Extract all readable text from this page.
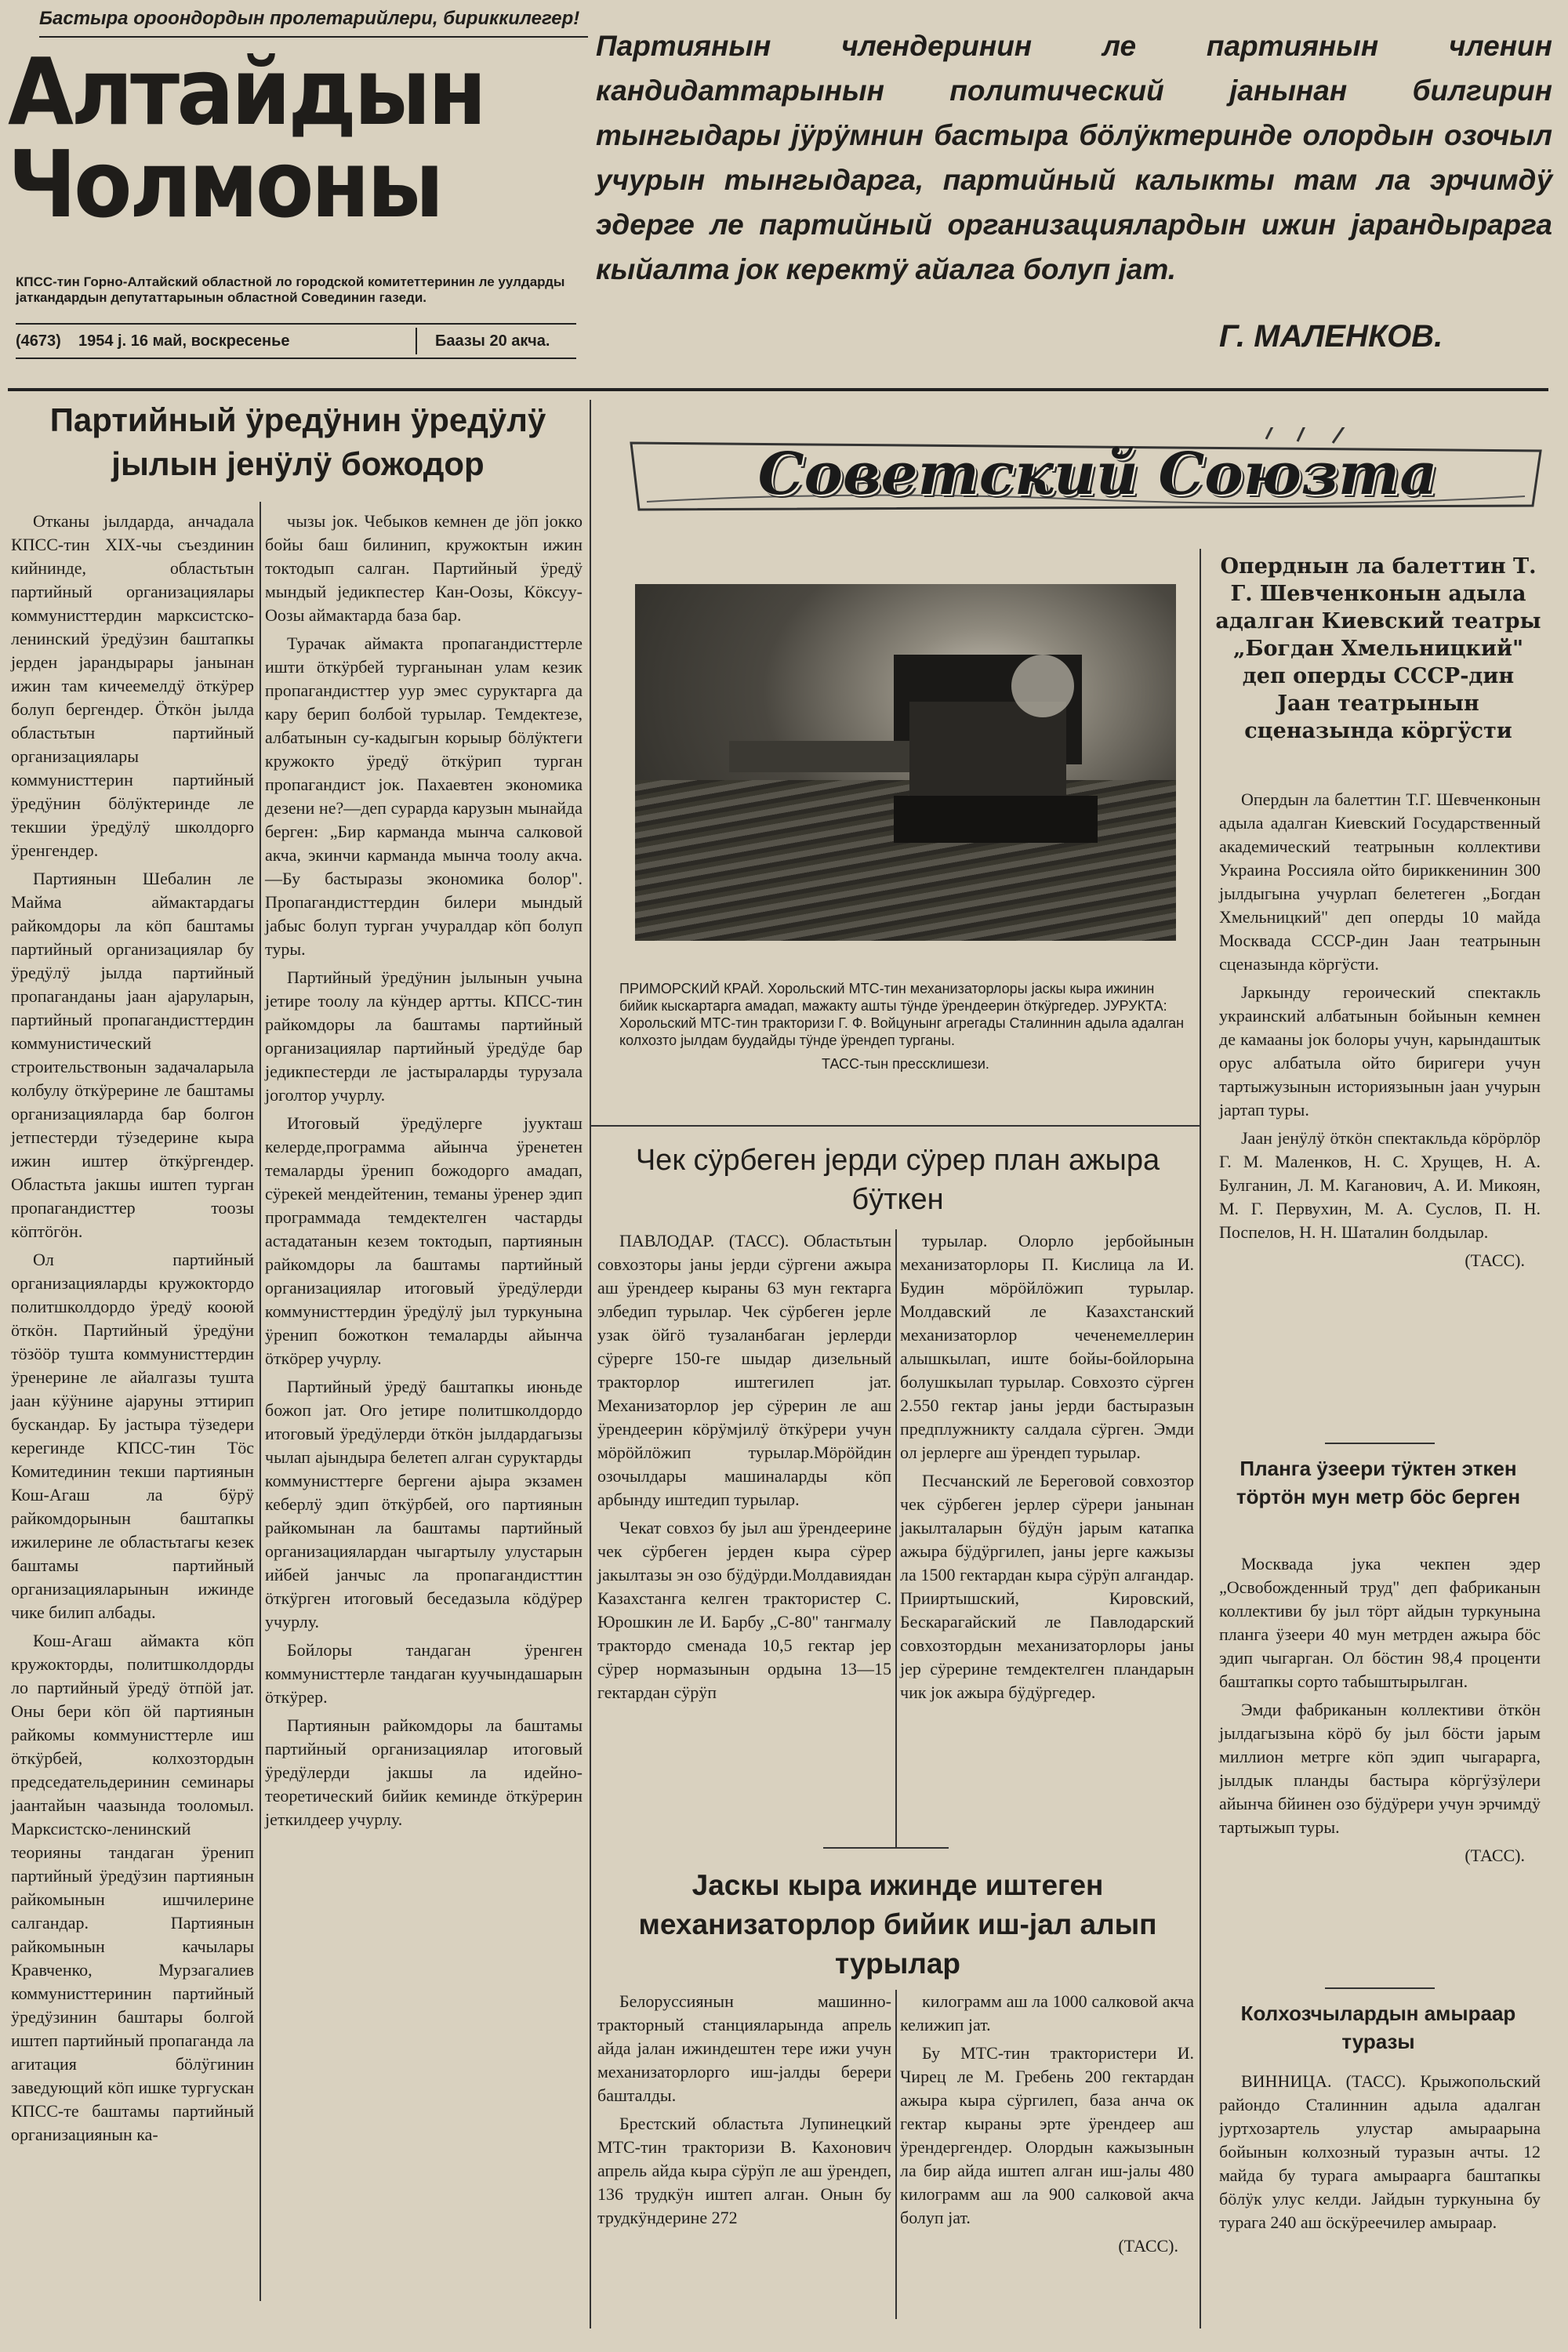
Бастыра ороондордын пролетарийлери, бириккилегер!
Алтайдын
Чолмоны
КПСС-тин Горно-Алтайский областной ло городской комитеттеринин ле уулдарды jаткандардын депутаттарынын областной Совединин газеди.
(4673) 1954 j. 16 май, воскресенье	Баазы 20 акча.
Партиянын члендеринин ле партиянын членин кандидаттарынын политический jанынан билгирин тынгыдары jÿрÿмнин бастыра бöлÿктеринде олордын озочыл учурын тынгыдарга, партийный калыкты там ла эрчимдÿ эдерге ле партийный организациялардын ижин jарандырарга кыйалта jок керектÿ айалга болуп jат.
Г. МАЛЕНКОВ.
Партийный ÿредÿнин ÿредÿлÿ jылын jенÿлÿ божодор

Отканы jылдарда, анчадала КПСС-тин XIX-чы съездинин кийнинде, областьтын партийный организациялары коммунисттердин марксистско-ленинский ÿредÿзин баштапкы jерден jарандырары jанынан ижин там кичеемелдÿ öткÿрер болуп бергендер. Öткöн jылда областьтын партийный организациялары коммунисттерин партийный ÿредÿнин бöлÿктеринде ле текшии ÿредÿлÿ школдорго ÿренгендер.

Партиянын Шебалин ле Майма аймактардагы райкомдоры ла кöп баштамы партийный организациялар бу ÿредÿлÿ jылда партийный пропаганданы jаан ajаруларын, партийный пропагандисттердин коммунистический строительствонын задачаларыла колбулу öткÿрерине ле баштамы организацияларда бар болгон jетпестерди тÿзедерине кыра ижин иштер öткÿргендер. Областьта jакшы иштеп турган пропагандисттер тоозы кöптöгöн.

Ол партийный организацияларды кружоктордо политшколдордо ÿредÿ кооюй öткöн. Партийный ÿредÿни тöзööр тушта коммунисттердин ÿренерине ле айалгазы тушта jаан кÿÿнине ajаруны эттирип бускандар. Бу jастыра тÿзедери керегинде КПСС-тин Тöс Комитединин текши партиянын Кош-Агаш ла бÿрÿ райкомдорынын баштапкы ижилерине ле областьтагы кезек баштамы партийный организацияларынын ижинде чике билип албады.

Кош-Агаш аймакта кöп кружокторды, политшколдорды ло партийный ÿредÿ öтпöй jат. Оны бери кöп öй партиянын райкомы коммунисттерле иш öткÿрбей, колхозтордын председательдеринин семинары jаантайын чаазында тооломыл. Марксистско-ленинский теорияны тандаган ÿренип партийный ÿредÿзин партиянын райкомынын ишчилерине салгандар. Партиянын райкомынын качылары Кравченко, Мурзагалиев коммунисттеринин партийный ÿредÿзинин баштары болгой иштеп партийный пропаганда ла агитация бöлÿгинин заведующий кöп ишке тургускан КПСС-те баштамы партийный организациянын ка-

чызы jок. Чебыков кемнен де jöп jокко бойы баш билинип, кружоктын ижин токтодып салган. Партийный ÿредÿ мындый jедикпестер Кан-Оозы, Кöксуу-Оозы аймактарда база бар.

Турачак аймакта пропагандисттерле ишти öткÿрбей турганынан улам кезик пропагандисттер уур эмес суруктарга да кару берип болбой турылар. Темдектезе, албатынын су-кадыгын корыыр бöлÿктеги кружокто ÿредÿ öткÿрип турган пропагандист jок. Пахаевтен экономика дезени не?—деп сурарда карузын мынайда берген: „Бир карманда мынча салковой акча, экинчи карманда мынча тоолу акча.—Бу бастыразы экономика болор". Пропагандисттердин билери мындый jабыс болуп турган учуралдар кöп болуп туры.

Партийный ÿредÿнин jылынын учына jетире тоолу ла кÿндер артты. КПСС-тин райкомдоры ла баштамы партийный организациялар партийный ÿредÿде бар jедикпестерди ле jастыраларды турузала jоголтор учурлу.

Итоговый ÿредÿлерге jуукташ келерде,программа айынча ÿренетен темаларды ÿренип божодорго амадап, сÿрекей мендейтенин, теманы ÿренер эдип программада темдектелген частарды астадатанын кезем токтодып, партиянын райкомдоры ла баштамы партийный организациялар итоговый ÿредÿлерди коммунисттердин ÿредÿлÿ jыл туркунына ÿренип божоткон темаларды айынча öткöрер учурлу.

Партийный ÿредÿ баштапкы июньде божоп jат. Ого jетире политшколдордо итоговый ÿредÿлерди öткöн jылдардагызы чылап ajындыра белетеп алган суруктарды коммунисттерге бергени ajыра экзамен кеберлÿ эдип öткÿрбей, ого партиянын райкомынан ла баштамы партийный организациялардан чыгартылу улустарын ийбей jанчыс ла пропагандисттин öткÿрген итоговый беседазыла кöдÿрер учурлу.

Бойлоры тандаган ÿренген коммунисттерле тандаган куучындашарын öткÿрер.

Партиянын райкомдоры ла баштамы партийный организациялар итоговый ÿредÿлерди jакшы ла идейно-теоретический бийик кеминде öткÿрерин jеткилдеер учурлу.

Советский Союзта
ПРИМОРСКИЙ КРАЙ. Хорольский МТС-тин механизаторлоры jаскы кыра ижинин бийик кыскартарга амадап, мажакту ашты тÿнде ÿрендеерин öткÿргедер. JУРУКТА: Хорольский МТС-тин тракторизи Г. Ф. Войцунынг агрегады Сталиннин адыла адалган колхозто jылдам буудайды тÿнде ÿрендеп турганы.
ТАСС-тын прессклишези.
Чек сÿрбеген jерди сÿрер план ажыра бÿткен

ПАВЛОДАР. (ТАСС). Областьтын совхозторы jаны jерди сÿргени ажыра аш ÿрендеер кыраны 63 мун гектарга элбедип турылар. Чек сÿрбеген jерле узак öйгö тузаланбаган jерлерди сÿрерге 150-ге шыдар дизельный тракторлор иштегилеп jат. Механизаторлор jер сÿрерин ле аш ÿрендеерин кöрÿмjилÿ öткÿрери учун мöрöйлöжип турылар.Мöрöйдин озочылдары машиналарды кöп арбынду иштедип турылар.

Чекат совхоз бу jыл аш ÿрендеерине чек сÿрбеген jерден кыра сÿрер jакылтазы эн озо бÿдÿрди.Молдавиядан Казахстанга келген трактористер С. Юрошкин ле И. Барбу „С-80" тангмалу трактордо сменада 10,5 гектар jер сÿрер нормазынын ордына 13—15 гектардан сÿрÿп

турылар. Олорло jербойынын механизаторлоры П. Кислица ла И. Будин мöрöйлöжип турылар. Молдавский ле Казахстанский механизаторлор чеченемеллерин алышкылап, иште бойы-бойлорына болушкылап турылар. Совхозто сÿрген 2.550 гектар jаны jерди бастыразын предплужникту салдала сÿрген. Эмди ол jерлерге аш ÿрендеп турылар.

Песчанский ле Береговой совхозтор чек сÿрбеген jерлер сÿрери jанынан jакылталарын бÿдÿн jарым катапка ажыра бÿдÿргилеп, jаны jерге кажызы ла 1500 гектардан кыра сÿрÿп алгандар. Прииртышский, Кировский, Бескарагайский ле Павлодарский совхозтордын механизаторлоры jаны jер сÿрерине темдектелген пландарын чик jок ажыра бÿдÿргедер.

Jаскы кыра ижинде иштеген механизаторлор бийик иш-jал алып турылар

Белоруссиянын машинно-тракторный станцияларында апрель айда jалан ижиндештен тере ижи учун механизаторлорго иш-jалды берери башталды.

Брестский областьта Лупинецкий МТС-тин тракторизи В. Кахонович апрель айда кыра сÿрÿп ле аш ÿрендеп, 136 трудкÿн иштеп алган. Онын бу трудкÿндерине 272

килограмм аш ла 1000 салковой акча келижип jат.

Бу МТС-тин трактористери И. Чирец ле М. Гребень 200 гектардан ажыра кыра сÿргилеп, база анча ок гектар кыраны эрте ÿрендеер аш ÿрендергендер. Олордын кажызынын ла бир айда иштеп алган иш-jалы 480 килограмм аш ла 900 салковой акча болуп jат.

(ТАСС).

Оперднын ла балеттин Т. Г. Шевченконын адыла адалган Киевский театры „Богдан Хмельницкий" деп оперды СССР-дин Jаан театрынын сценазында кöргÿсти

Опердын ла балеттин Т.Г. Шевченконын адыла адалган Киевский Государственный академический театрынын коллективи Украина Россияла ойто бириккенинин 300 jылдыгына учурлап белетеген „Богдан Хмельницкий" деп оперды 10 майда Москвада СССР-дин Jаан театрынын сценазында кöргÿсти.

Jаркынду героический спектакль украинский албатынын бойынын кемнен де камааны jок болоры учун, карындаштык орус албатыла ойто биригери учун тартыжузынын историязынын jаан учурын jартап туры.

Jаан jенÿлÿ öткöн спектакльда кöрöрлöр Г. М. Маленков, Н. С. Хрущев, Н. А. Булганин, Л. М. Каганович, А. И. Микоян, М. Г. Первухин, М. А. Суслов, П. Н. Поспелов, Н. Н. Шаталин болдылар.

(ТАСС).

Планга ÿзеери тÿктен эткен тöртöн мун метр бöс берген

Москвада jука чекпен эдер „Освобожденный труд" деп фабриканын коллективи бу jыл тöрт айдын туркунына планга ÿзеери 40 мун метрден ажыра бöс эдип чыгарган. Ол бöстин 98,4 проценти баштапкы сорто табыштырылган.

Эмди фабриканын коллективи öткöн jылдагызына кöрö бу jыл бöсти jарым миллион метрге кöп эдип чыгарарга, jылдык планды бастыра кöргÿзÿлери айынча бйинен озо бÿдÿрери учун эрчимдÿ тартыжып туры.

(ТАСС).

Колхозчылардын амыраар туразы

ВИННИЦА. (ТАСС). Крыжопольский райондо Сталиннин адыла адалган jуртхозартель улустар амыраарына бойынын колхозный туразын ачты. 12 майда бу турага амыраарга баштапкы бöлÿк улус келди. Jайдын туркунына бу турага 240 аш öскÿреечилер амыраар.
